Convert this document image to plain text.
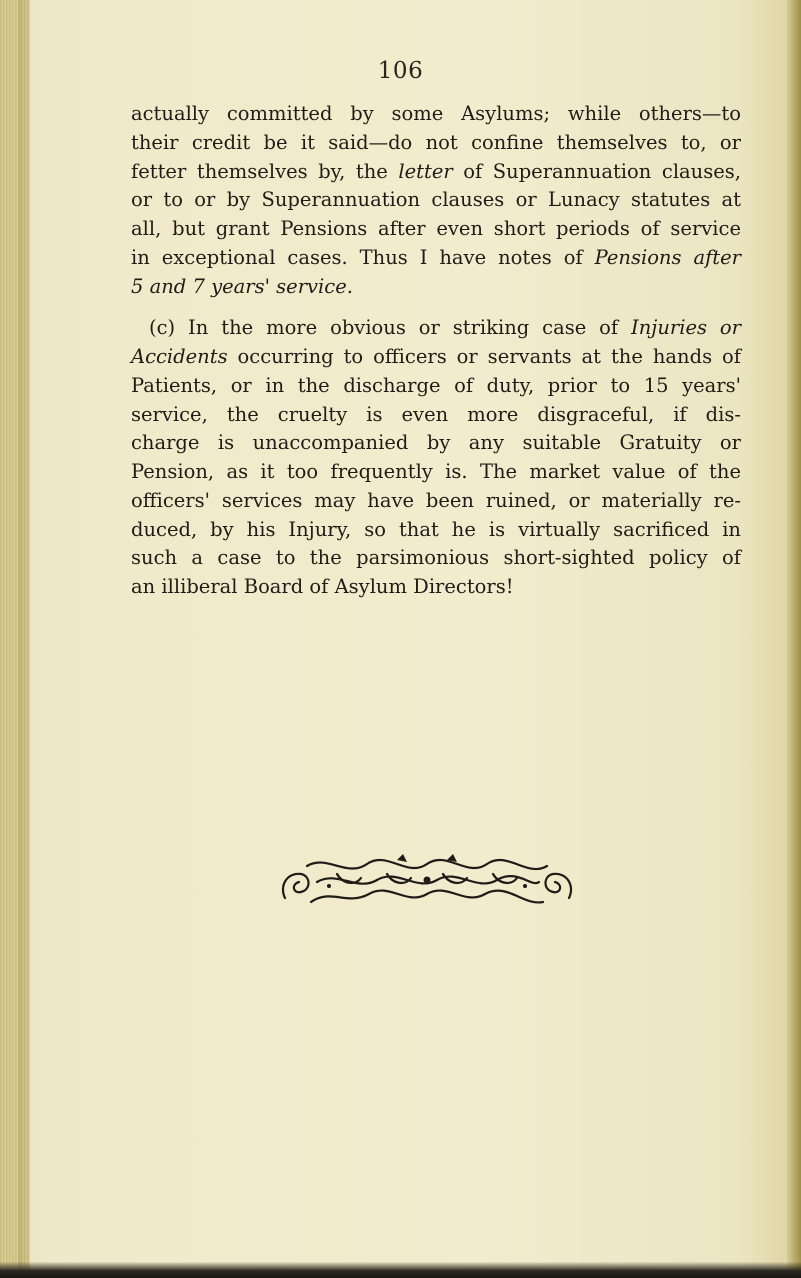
106
actually committed by some Asylums; while others—to
their credit be it said—do not confine themselves to, or
fetter themselves by, the letter of Superannuation clauses,
or to or by Superannuation clauses or Lunacy statutes at
all, but grant Pensions after even short periods of service
in exceptional cases. Thus I have notes of Pensions after
5 and 7 years' service.
(c) In the more obvious or striking case of Injuries or
Accidents occurring to officers or servants at the hands of
Patients, or in the discharge of duty, prior to 15 years'
service, the cruelty is even more disgraceful, if dis-
charge is unaccompanied by any suitable Gratuity or
Pension, as it too frequently is. The market value of the
officers' services may have been ruined, or materially re-
duced, by his Injury, so that he is virtually sacrificed in
such a case to the parsimonious short-sighted policy of
an illiberal Board of Asylum Directors!
